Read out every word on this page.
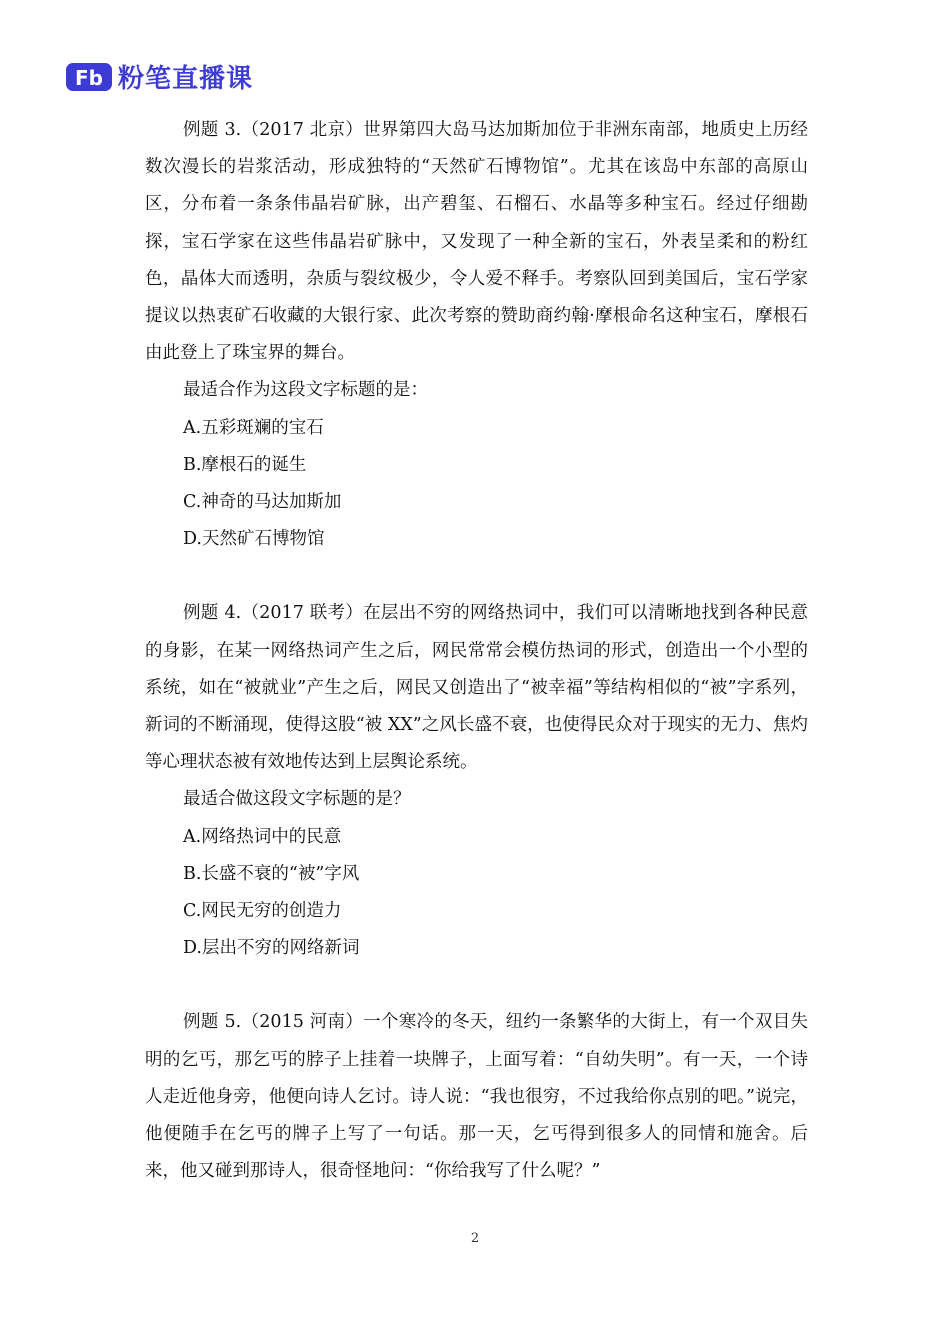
Fb 粉笔直播课

例题 3.（2017 北京）世界第四大岛马达加斯加位于非洲东南部，地质史上历经数次漫长的岩浆活动，形成独特的“天然矿石博物馆”。尤其在该岛中东部的高原山区，分布着一条条伟晶岩矿脉，出产碧玺、石榴石、水晶等多种宝石。经过仔细勘探，宝石学家在这些伟晶岩矿脉中，又发现了一种全新的宝石，外表呈柔和的粉红色，晶体大而透明，杂质与裂纹极少，令人爱不释手。考察队回到美国后，宝石学家提议以热衷矿石收藏的大银行家、此次考察的赞助商约翰·摩根命名这种宝石，摩根石由此登上了珠宝界的舞台。

最适合作为这段文字标题的是：

A.五彩斑斓的宝石
B.摩根石的诞生
C.神奇的马达加斯加
D.天然矿石博物馆

例题 4.（2017 联考）在层出不穷的网络热词中，我们可以清晰地找到各种民意的身影，在某一网络热词产生之后，网民常常会模仿热词的形式，创造出一个小型的系统，如在“被就业”产生之后，网民又创造出了“被幸福”等结构相似的“被”字系列，新词的不断涌现，使得这股“被 XX”之风长盛不衰，也使得民众对于现实的无力、焦灼等心理状态被有效地传达到上层舆论系统。

最适合做这段文字标题的是？

A.网络热词中的民意
B.长盛不衰的“被”字风
C.网民无穷的创造力
D.层出不穷的网络新词

例题 5.（2015 河南）一个寒冷的冬天，纽约一条繁华的大街上，有一个双目失明的乞丐，那乞丐的脖子上挂着一块牌子，上面写着：“自幼失明”。有一天，一个诗人走近他身旁，他便向诗人乞讨。诗人说：“我也很穷，不过我给你点别的吧。”说完，他便随手在乞丐的牌子上写了一句话。那一天，乞丐得到很多人的同情和施舍。后来，他又碰到那诗人，很奇怪地问：“你给我写了什么呢？”

2
